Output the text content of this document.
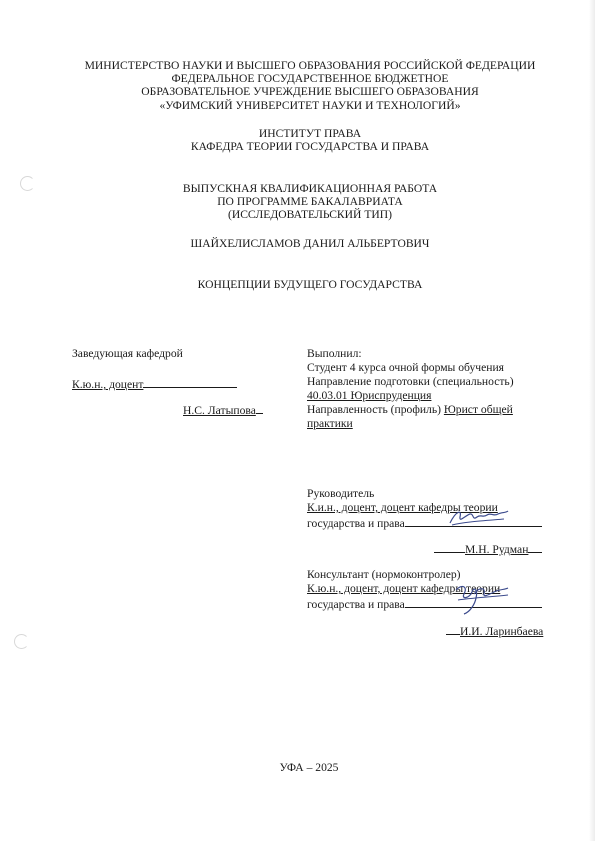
МИНИСТЕРСТВО НАУКИ И ВЫСШЕГО ОБРАЗОВАНИЯ РОССИЙСКОЙ ФЕДЕРАЦИИ
ФЕДЕРАЛЬНОЕ ГОСУДАРСТВЕННОЕ БЮДЖЕТНОЕ
ОБРАЗОВАТЕЛЬНОЕ УЧРЕЖДЕНИЕ ВЫСШЕГО ОБРАЗОВАНИЯ
«УФИМСКИЙ УНИВЕРСИТЕТ НАУКИ И ТЕХНОЛОГИЙ»
ИНСТИТУТ ПРАВА
КАФЕДРА ТЕОРИИ ГОСУДАРСТВА И ПРАВА
ВЫПУСКНАЯ КВАЛИФИКАЦИОННАЯ РАБОТА
ПО ПРОГРАММЕ БАКАЛАВРИАТА
(ИССЛЕДОВАТЕЛЬСКИЙ ТИП)
ШАЙХЕЛИСЛАМОВ ДАНИЛ АЛЬБЕРТОВИЧ
КОНЦЕПЦИИ БУДУЩЕГО ГОСУДАРСТВА
Заведующая кафедрой
К.ю.н., доцент
Н.С. Латыпова
Выполнил:
Студент 4 курса очной формы обучения
Направление подготовки (специальность)
40.03.01 Юриспруденция
Направленность (профиль) Юрист общей
практики
Руководитель
К.и.н., доцент, доцент кафедры теории
государства и права
М.Н. Рудман
Консультант (нормоконтролер)
К.ю.н., доцент, доцент кафедры теории
государства и права
И.И. Ларинбаева
УФА – 2025
